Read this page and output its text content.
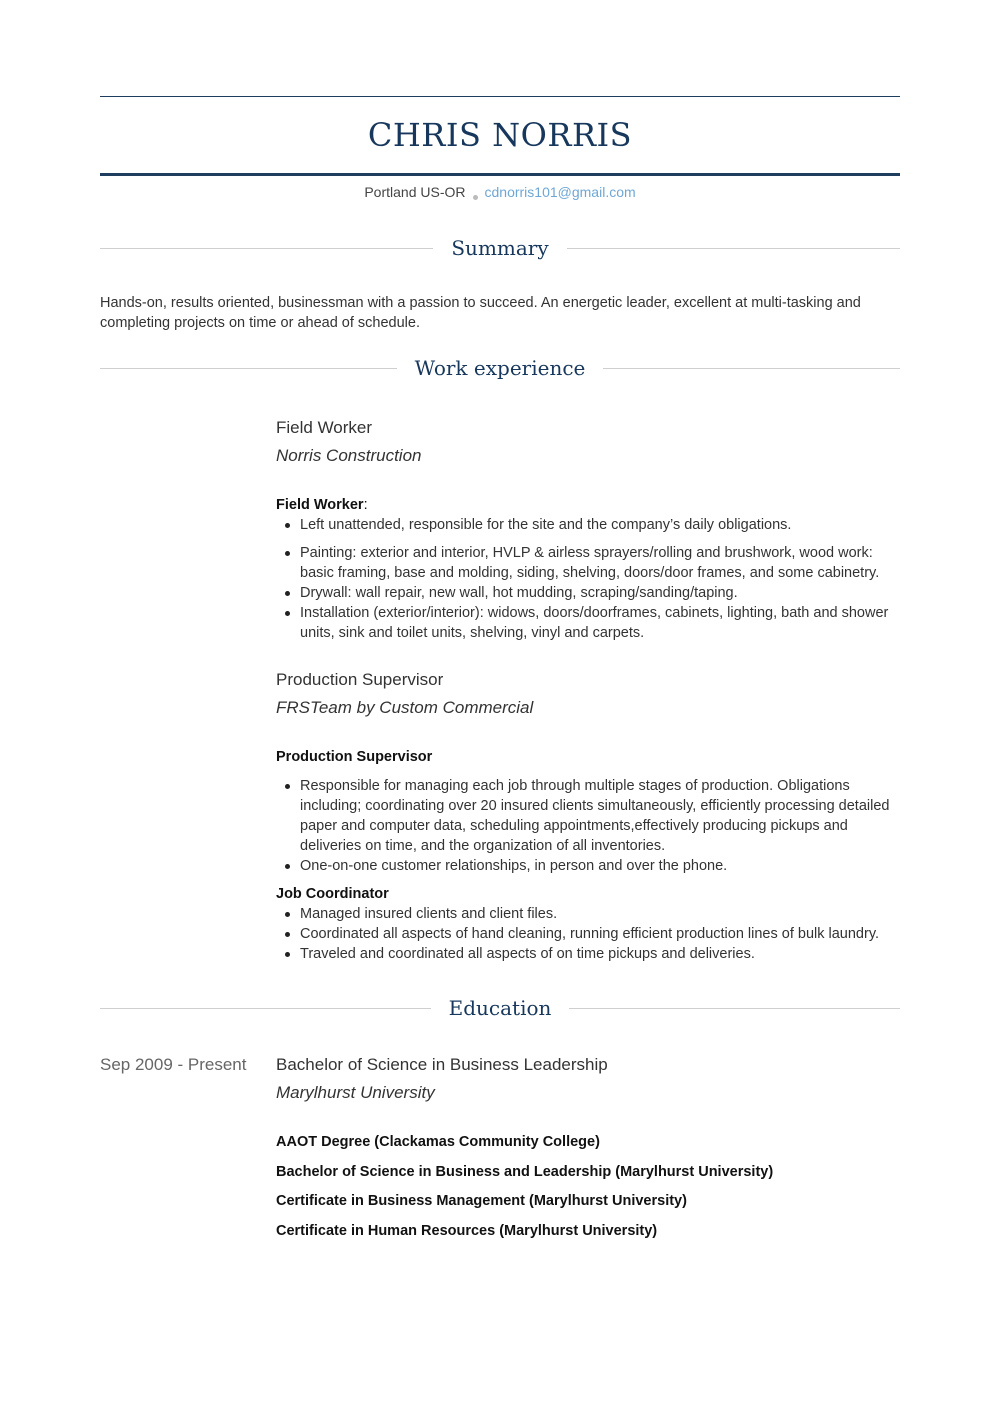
CHRIS NORRIS
Portland US-OR cdnorris101@gmail.com
Summary
Hands-on, results oriented, businessman with a passion to succeed. An energetic leader, excellent at multi-tasking and completing projects on time or ahead of schedule.
Work experience
Field Worker
Norris Construction
Field Worker:
Left unattended, responsible for the site and the company’s daily obligations.
Painting: exterior and interior, HVLP & airless sprayers/rolling and brushwork, wood work: basic framing, base and molding, siding, shelving, doors/door frames, and some cabinetry.
Drywall: wall repair, new wall, hot mudding, scraping/sanding/taping.
Installation (exterior/interior): widows, doors/doorframes, cabinets, lighting, bath and shower units, sink and toilet units, shelving, vinyl and carpets.
Production Supervisor
FRSTeam by Custom Commercial
Production Supervisor
Responsible for managing each job through multiple stages of production. Obligations including; coordinating over 20 insured clients simultaneously, efficiently processing detailed paper and computer data, scheduling appointments,effectively producing pickups and deliveries on time, and the organization of all inventories.
One-on-one customer relationships, in person and over the phone.
Job Coordinator
Managed insured clients and client files.
Coordinated all aspects of hand cleaning, running efficient production lines of bulk laundry.
Traveled and coordinated all aspects of on time pickups and deliveries.
Education
Sep 2009 - Present Bachelor of Science in Business Leadership
Marylhurst University
AAOT Degree (Clackamas Community College)
Bachelor of Science in Business and Leadership (Marylhurst University)
Certificate in Business Management (Marylhurst University)
Certificate in Human Resources (Marylhurst University)
